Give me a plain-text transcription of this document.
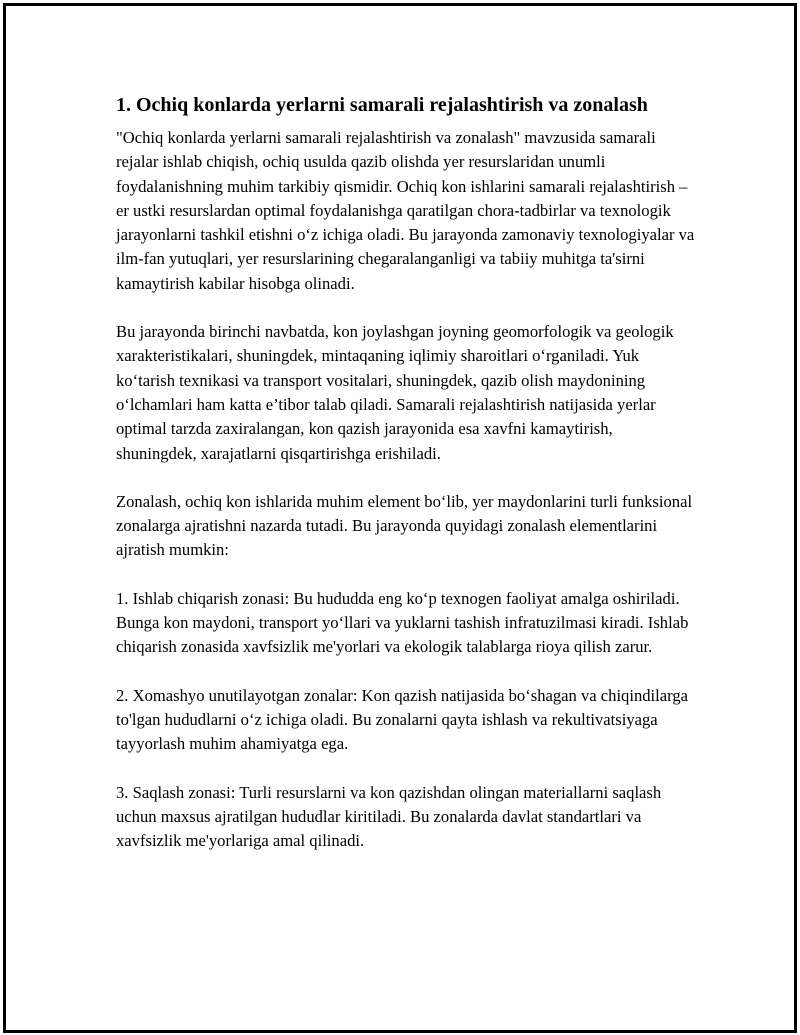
1. Ochiq konlarda yerlarni samarali rejalashtirish va zonalash

"Ochiq konlarda yerlarni samarali rejalashtirish va zonalash" mavzusida samarali rejalar ishlab chiqish, ochiq usulda qazib olishda yer resurslaridan unumli foydalanishning muhim tarkibiy qismidir. Ochiq kon ishlarini samarali rejalashtirish – er ustki resurslardan optimal foydalanishga qaratilgan chora-tadbirlar va texnologik jarayonlarni tashkil etishni o‘z ichiga oladi. Bu jarayonda zamonaviy texnologiyalar va ilm-fan yutuqlari, yer resurslarining chegaralanganligi va tabiiy muhitga ta'sirni kamaytirish kabilar hisobga olinadi.

Bu jarayonda birinchi navbatda, kon joylashgan joyning geomorfologik va geologik xarakteristikalari, shuningdek, mintaqaning iqlimiy sharoitlari o‘rganiladi. Yuk ko‘tarish texnikasi va transport vositalari, shuningdek, qazib olish maydonining o‘lchamlari ham katta e’tibor talab qiladi. Samarali rejalashtirish natijasida yerlar optimal tarzda zaxiralangan, kon qazish jarayonida esa xavfni kamaytirish, shuningdek, xarajatlarni qisqartirishga erishiladi.

Zonalash, ochiq kon ishlarida muhim element bo‘lib, yer maydonlarini turli funksional zonalarga ajratishni nazarda tutadi. Bu jarayonda quyidagi zonalash elementlarini ajratish mumkin:

1. Ishlab chiqarish zonasi: Bu hududda eng ko‘p texnogen faoliyat amalga oshiriladi. Bunga kon maydoni, transport yo‘llari va yuklarni tashish infratuzilmasi kiradi. Ishlab chiqarish zonasida xavfsizlik me'yorlari va ekologik talablarga rioya qilish zarur.

2. Xomashyo unutilayotgan zonalar: Kon qazish natijasida bo‘shagan va chiqindilarga to'lgan hududlarni o‘z ichiga oladi. Bu zonalarni qayta ishlash va rekultivatsiyaga tayyorlash muhim ahamiyatga ega.

3. Saqlash zonasi: Turli resurslarni va kon qazishdan olingan materiallarni saqlash uchun maxsus ajratilgan hududlar kiritiladi. Bu zonalarda davlat standartlari va xavfsizlik me'yorlariga amal qilinadi.
